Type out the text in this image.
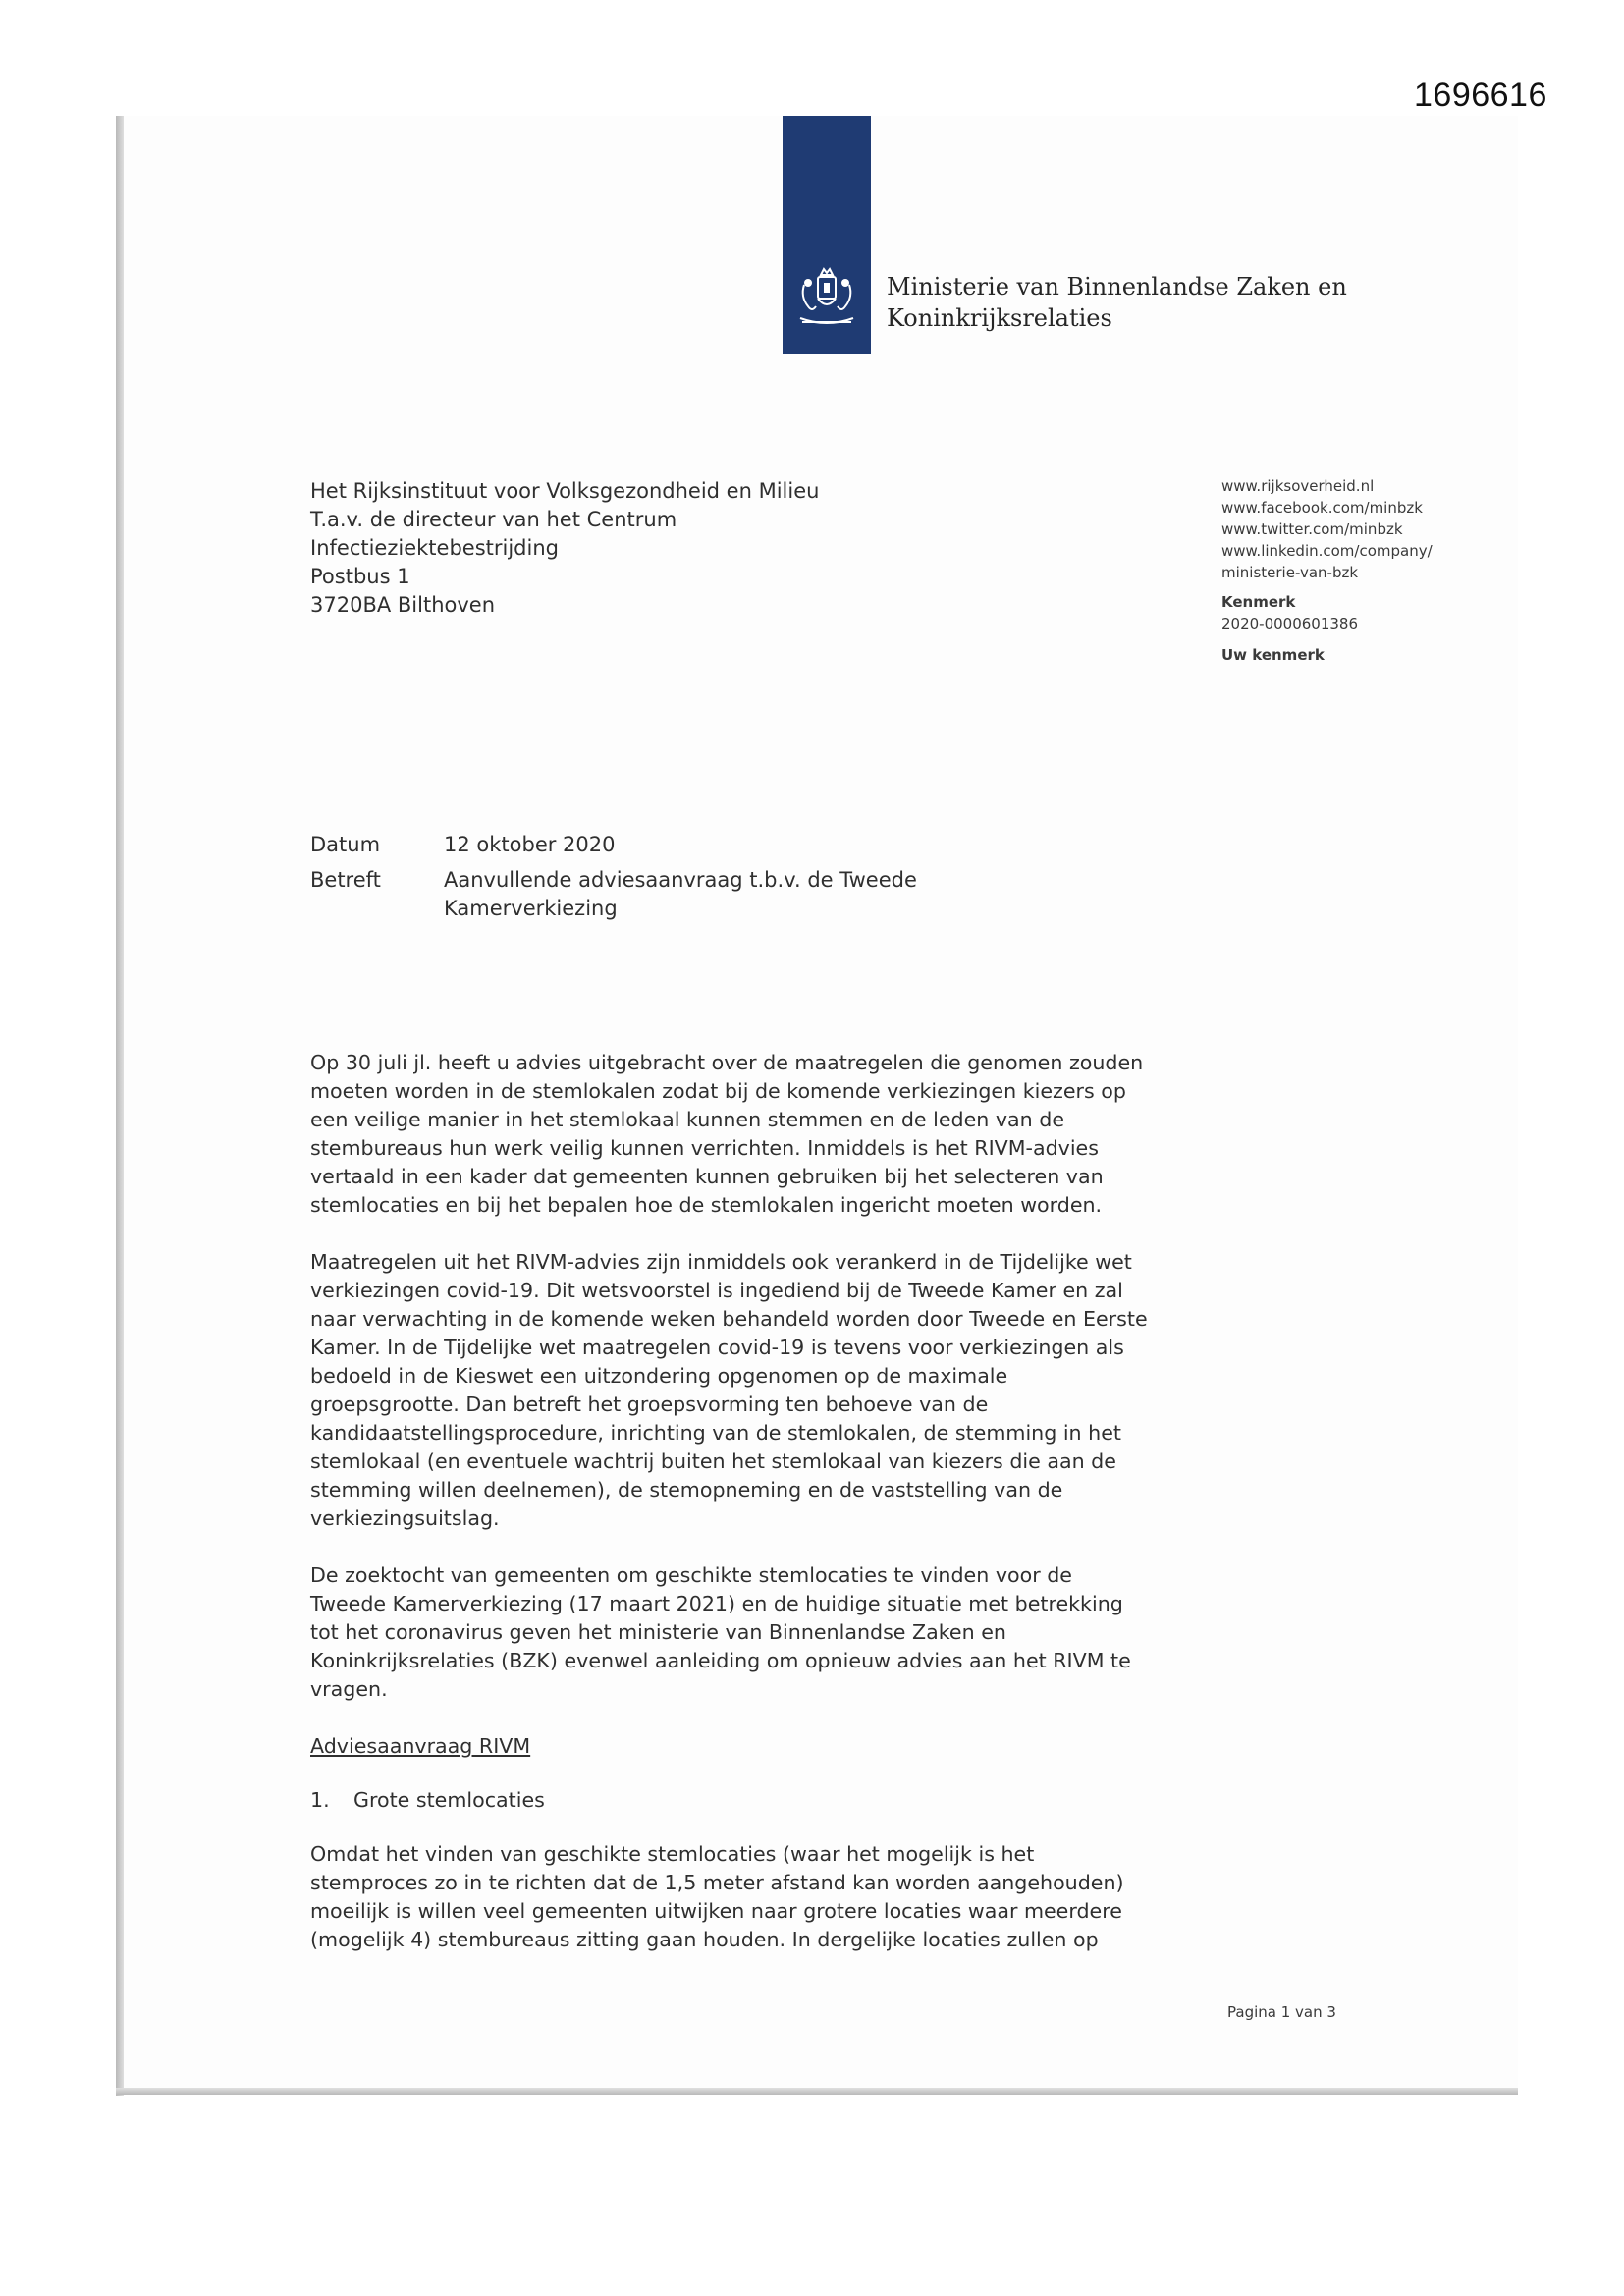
1696616
Ministerie van Binnenlandse Zaken en
Koninkrijksrelaties
Het Rijksinstituut voor Volksgezondheid en Milieu
T.a.v. de directeur van het Centrum
Infectieziektebestrijding
Postbus 1
3720BA Bilthoven
www.rijksoverheid.nl
www.facebook.com/minbzk
www.twitter.com/minbzk
www.linkedin.com/company/
ministerie-van-bzk
Kenmerk
2020-0000601386
Uw kenmerk
Datum	12 oktober 2020
Betreft	Aanvullende adviesaanvraag t.b.v. de Tweede Kamerverkiezing

Op 30 juli jl. heeft u advies uitgebracht over de maatregelen die genomen zouden
moeten worden in de stemlokalen zodat bij de komende verkiezingen kiezers op
een veilige manier in het stemlokaal kunnen stemmen en de leden van de
stembureaus hun werk veilig kunnen verrichten. Inmiddels is het RIVM-advies
vertaald in een kader dat gemeenten kunnen gebruiken bij het selecteren van
stemlocaties en bij het bepalen hoe de stemlokalen ingericht moeten worden.

Maatregelen uit het RIVM-advies zijn inmiddels ook verankerd in de Tijdelijke wet
verkiezingen covid-19. Dit wetsvoorstel is ingediend bij de Tweede Kamer en zal
naar verwachting in de komende weken behandeld worden door Tweede en Eerste
Kamer. In de Tijdelijke wet maatregelen covid-19 is tevens voor verkiezingen als
bedoeld in de Kieswet een uitzondering opgenomen op de maximale
groepsgrootte. Dan betreft het groepsvorming ten behoeve van de
kandidaatstellingsprocedure, inrichting van de stemlokalen, de stemming in het
stemlokaal (en eventuele wachtrij buiten het stemlokaal van kiezers die aan de
stemming willen deelnemen), de stemopneming en de vaststelling van de
verkiezingsuitslag.

De zoektocht van gemeenten om geschikte stemlocaties te vinden voor de
Tweede Kamerverkiezing (17 maart 2021) en de huidige situatie met betrekking
tot het coronavirus geven het ministerie van Binnenlandse Zaken en
Koninkrijksrelaties (BZK) evenwel aanleiding om opnieuw advies aan het RIVM te
vragen.

Adviesaanvraag RIVM
1.	Grote stemlocaties

Omdat het vinden van geschikte stemlocaties (waar het mogelijk is het
stemproces zo in te richten dat de 1,5 meter afstand kan worden aangehouden)
moeilijk is willen veel gemeenten uitwijken naar grotere locaties waar meerdere
(mogelijk 4) stembureaus zitting gaan houden. In dergelijke locaties zullen op

Pagina 1 van 3
